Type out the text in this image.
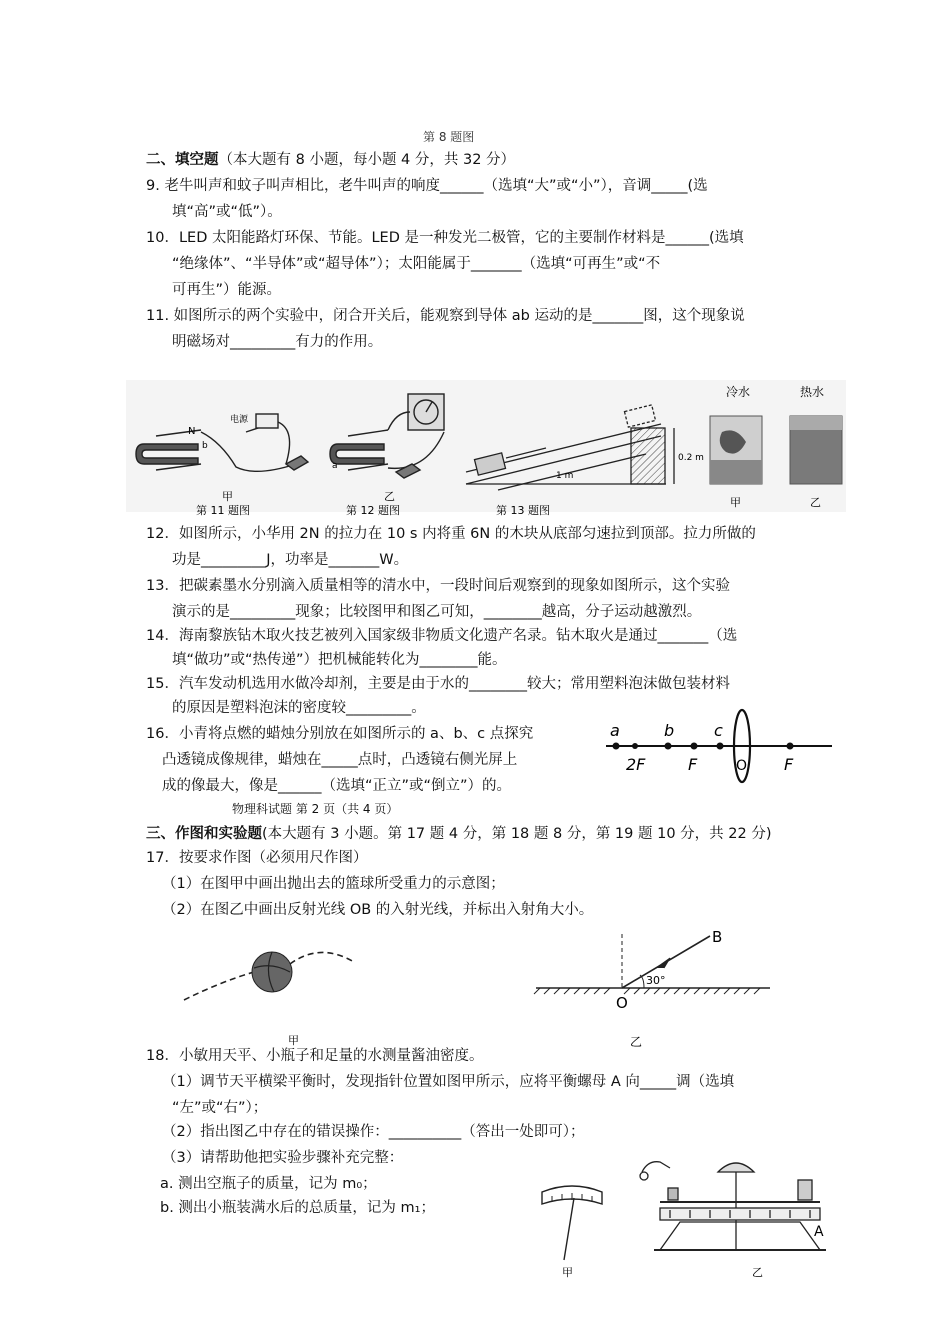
第 8 题图
二、填空题（本大题有 8 小题，每小题 4 分，共 32 分）
9. 老牛叫声和蚊子叫声相比，老牛叫声的响度______（选填“大”或“小”），音调_____(选
填“高”或“低”）。
10．LED 太阳能路灯环保、节能。LED 是一种发光二极管，它的主要制作材料是______(选填
“绝缘体”、“半导体”或“超导体”）；太阳能属于_______（选填“可再生”或“不
可再生”）能源。
11. 如图所示的两个实验中，闭合开关后，能观察到导体 ab 运动的是_______图，这个现象说
明磁场对_________有力的作用。
N
b
电源
甲
第 11 题图
a
乙
第 12 题图
1 m
0.2 m
第 13 题图
冷水	热水
甲	乙
12．如图所示，小华用 2N 的拉力在 10 s 内将重 6N 的木块从底部匀速拉到顶部。拉力所做的
功是_________J，功率是_______W。
13．把碳素墨水分别滴入质量相等的清水中，一段时间后观察到的现象如图所示，这个实验
演示的是_________现象；比较图甲和图乙可知，________越高，分子运动越激烈。
14．海南黎族钻木取火技艺被列入国家级非物质文化遗产名录。钻木取火是通过_______（选
填“做功”或“热传递”）把机械能转化为________能。
15．汽车发动机选用水做冷却剂，主要是由于水的________较大；常用塑料泡沫做包装材料
的原因是塑料泡沫的密度较_________。
16．小青将点燃的蜡烛分别放在如图所示的 a、b、c 点探究
凸透镜成像规律，蜡烛在_____点时，凸透镜右侧光屏上
成的像最大，像是______（选填“正立”或“倒立”）的。
a	b c
2F	F	O F
物理科试题 第 2 页（共 4 页）
三、作图和实验题(本大题有 3 小题。第 17 题 4 分，第 18 题 8 分，第 19 题 10 分，共 22 分)
17．按要求作图（必须用尺作图）
（1）在图甲中画出抛出去的篮球所受重力的示意图；
（2）在图乙中画出反射光线 OB 的入射光线，并标出入射角大小。
甲
B
O
30°
乙
18．小敏用天平、小瓶子和足量的水测量酱油密度。
（1）调节天平横梁平衡时，发现指针位置如图甲所示，应将平衡螺母 A 向_____调（选填
“左”或“右”）；
（2）指出图乙中存在的错误操作：__________（答出一处即可）；
（3）请帮助他把实验步骤补充完整：
a. 测出空瓶子的质量，记为 m₀；
b. 测出小瓶装满水后的总质量，记为 m₁；
甲
A
乙
